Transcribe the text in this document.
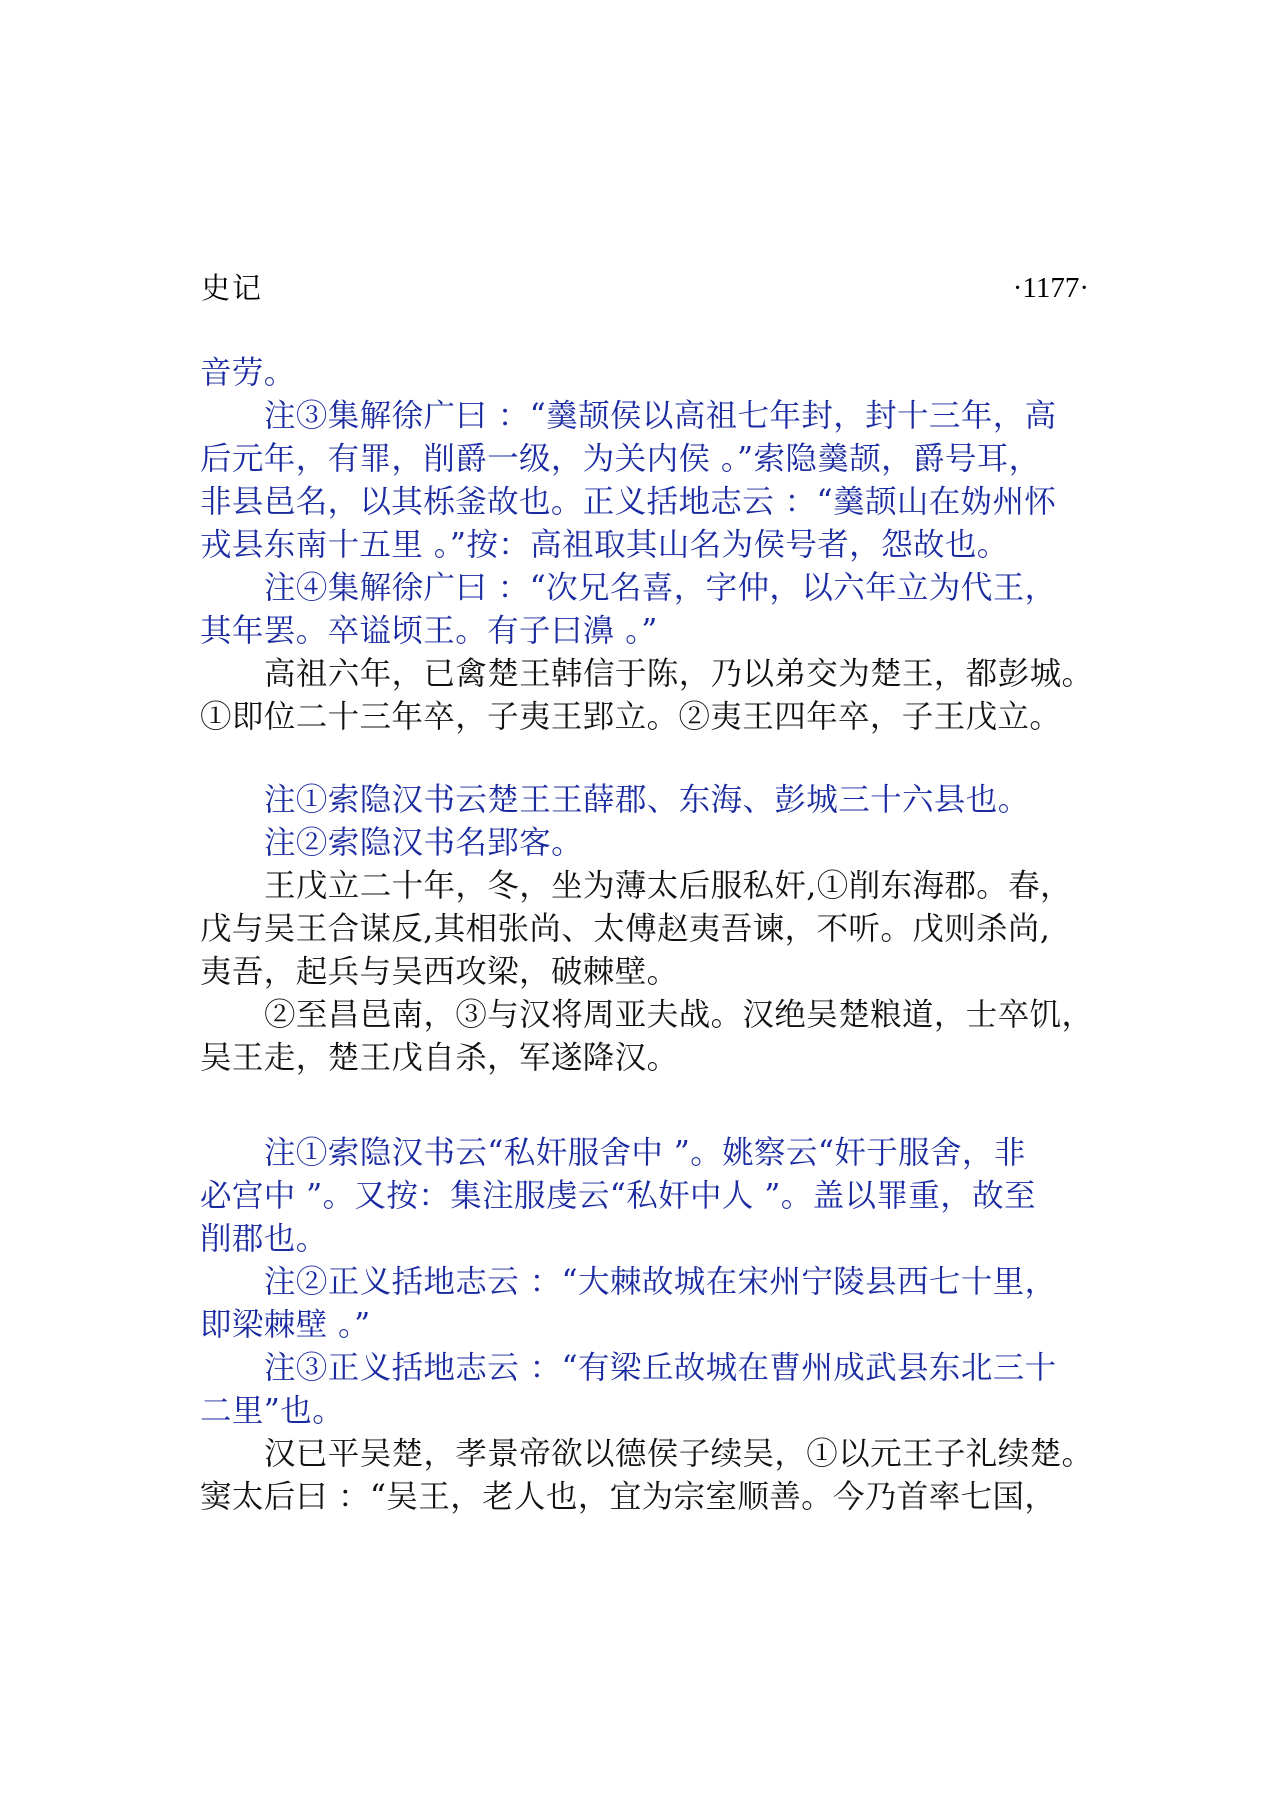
史记	·1177·

音劳。

注③集解徐广曰 ：“羹颉侯以高祖七年封，封十三年，高

后元年，有罪，削爵一级，为关内侯 。”索隐羹颉，爵号耳，

非县邑名，以其栎釜故也。正义括地志云 ：“羹颉山在妫州怀

戎县东南十五里 。”按：高祖取其山名为侯号者，怨故也。

注④集解徐广曰 ：“次兄名喜，字仲，以六年立为代王，

其年罢。卒谥顷王。有子曰濞 。”

高祖六年，已禽楚王韩信于陈，乃以弟交为楚王，都彭城。

①即位二十三年卒，子夷王郢立。②夷王四年卒，子王戊立。

注①索隐汉书云楚王王薛郡、东海、彭城三十六县也。

注②索隐汉书名郢客。

王戊立二十年，冬，坐为薄太后服私奸,①削东海郡。春，

戊与吴王合谋反,其相张尚、太傅赵夷吾谏，不听。戊则杀尚,

夷吾，起兵与吴西攻梁，破棘壁。

②至昌邑南，③与汉将周亚夫战。汉绝吴楚粮道，士卒饥，

吴王走，楚王戊自杀，军遂降汉。

注①索隐汉书云“私奸服舍中 ”。姚察云“奸于服舍，非

必宫中 ”。又按：集注服虔云“私奸中人 ”。盖以罪重，故至

削郡也。

注②正义括地志云 ：“大棘故城在宋州宁陵县西七十里，

即梁棘壁 。”

注③正义括地志云 ：“有梁丘故城在曹州成武县东北三十

二里”也。

汉已平吴楚，孝景帝欲以德侯子续吴，①以元王子礼续楚。

窦太后曰 ：“吴王，老人也，宜为宗室顺善。今乃首率七国，
